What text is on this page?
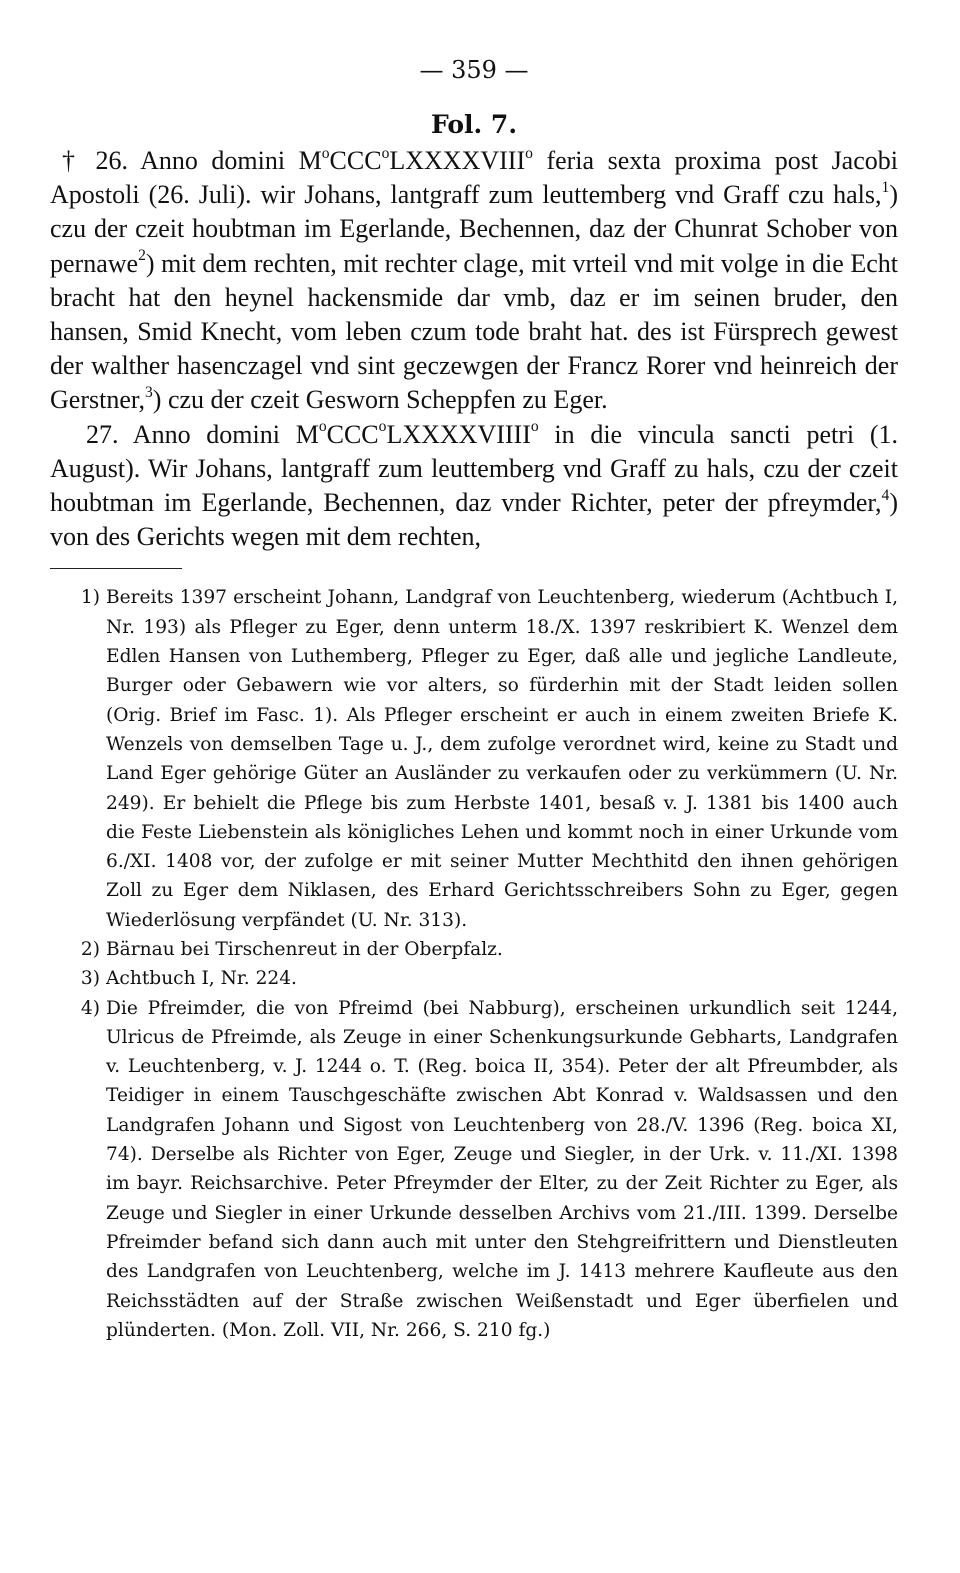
— 359 —
Fol. 7.

† 26. Anno domini $M^oCCC^oLXXXXVIII^o$ feria sexta proxima post Jacobi Apostoli (26. Juli). wir Johans, lantgraff zum leuttemberg vnd Graff czu hals,$^1$) czu der czeit houbtman im Egerlande, Bechennen, daz der Chunrat Schober von pernawe$^2$) mit dem rechten, mit rechter clage, mit vrteil vnd mit volge in die Echt bracht hat den heynel hackensmide dar vmb, daz er im seinen bruder, den hansen, Smid Knecht, vom leben czum tode braht hat. des ist Fürsprech gewest der walther hasenczagel vnd sint geczewgen der Francz Rorer vnd heinreich der Gerstner,$^3$) czu der czeit Gesworn Scheppfen zu Eger.

27. Anno domini $M^oCCC^oLXXXXVIIII^o$ in die vincula sancti petri (1. August). Wir Johans, lantgraff zum leuttemberg vnd Graff zu hals, czu der czeit houbtman im Egerlande, Bechennen, daz vnder Richter, peter der pfreymder,$^4$) von des Gerichts wegen mit dem rechten,

1) Bereits 1397 erscheint Johann, Landgraf von Leuchtenberg, wiederum (Achtbuch I, Nr. 193) als Pfleger zu Eger, denn unterm 18./X. 1397 reskribiert K. Wenzel dem Edlen Hansen von Luthemberg, Pfleger zu Eger, daß alle und jegliche Landleute, Burger oder Gebawern wie vor alters, so fürderhin mit der Stadt leiden sollen (Orig. Brief im Fasc. 1). Als Pfleger erscheint er auch in einem zweiten Briefe K. Wenzels von demselben Tage u. J., dem zufolge verordnet wird, keine zu Stadt und Land Eger gehörige Güter an Ausländer zu verkaufen oder zu verkümmern (U. Nr. 249). Er behielt die Pflege bis zum Herbste 1401, besaß v. J. 1381 bis 1400 auch die Feste Liebenstein als königliches Lehen und kommt noch in einer Urkunde vom 6./XI. 1408 vor, der zufolge er mit seiner Mutter Mechthitd den ihnen gehörigen Zoll zu Eger dem Niklasen, des Erhard Gerichtsschreibers Sohn zu Eger, gegen Wiederlösung verpfändet (U. Nr. 313).
2) Bärnau bei Tirschenreut in der Oberpfalz.
3) Achtbuch I, Nr. 224.
4) Die Pfreimder, die von Pfreimd (bei Nabburg), erscheinen urkundlich seit 1244, Ulricus de Pfreimde, als Zeuge in einer Schenkungsurkunde Gebharts, Landgrafen v. Leuchtenberg, v. J. 1244 o. T. (Reg. boica II, 354). Peter der alt Pfreumbder, als Teidiger in einem Tauschgeschäfte zwischen Abt Konrad v. Waldsassen und den Landgrafen Johann und Sigost von Leuchtenberg von 28./V. 1396 (Reg. boica XI, 74). Derselbe als Richter von Eger, Zeuge und Siegler, in der Urk. v. 11./XI. 1398 im bayr. Reichsarchive. Peter Pfreymder der Elter, zu der Zeit Richter zu Eger, als Zeuge und Siegler in einer Urkunde desselben Archivs vom 21./III. 1399. Derselbe Pfreimder befand sich dann auch mit unter den Stehgreifrittern und Dienstleuten des Landgrafen von Leuchtenberg, welche im J. 1413 mehrere Kaufleute aus den Reichsstädten auf der Straße zwischen Weißenstadt und Eger überfielen und plünderten. (Mon. Zoll. VII, Nr. 266, S. 210 fg.)
